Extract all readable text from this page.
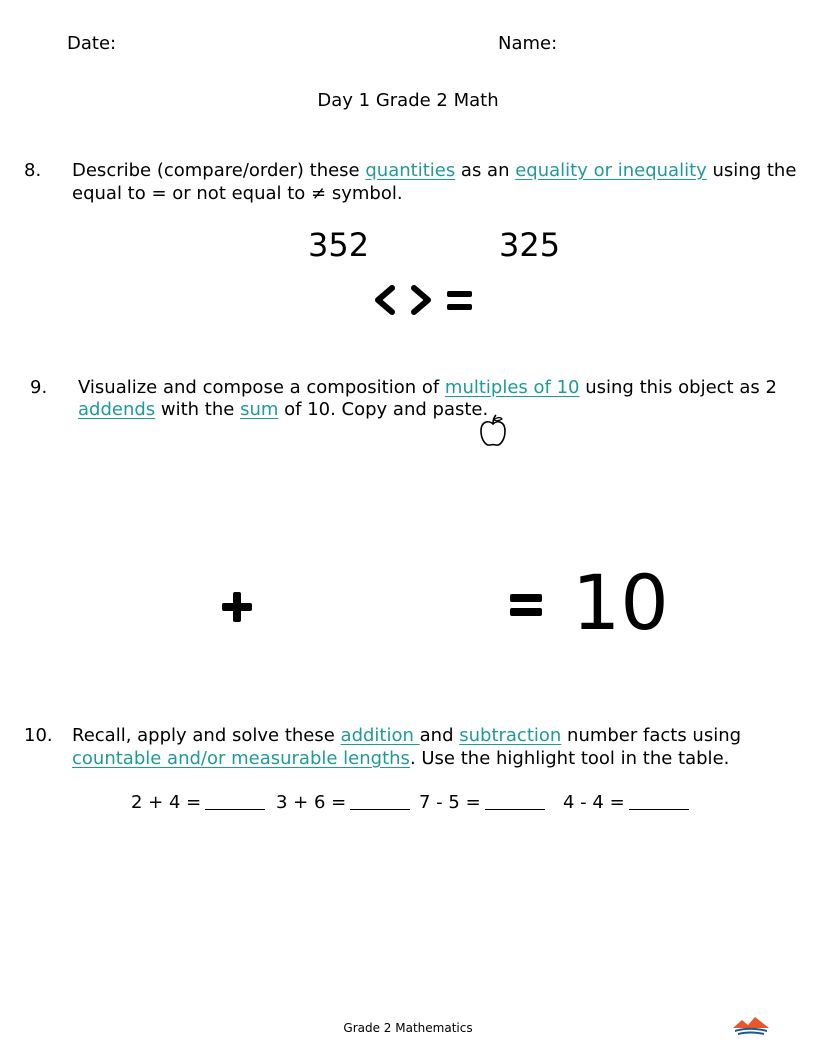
Date:	Name:
Day 1 Grade 2 Math
8. Describe (compare/order) these quantities as an equality or inequality using the
equal to = or not equal to ≠ symbol.
352	325
9. Visualize and compose a composition of multiples of 10 using this object as 2
addends with the sum of 10. Copy and paste.
10
10. Recall, apply and solve these addition and subtraction number facts using
countable and/or measurable lengths. Use the highlight tool in the table.
2 + 4 =	3 + 6 =	7 - 5 =	4 - 4 =
Grade 2 Mathematics
